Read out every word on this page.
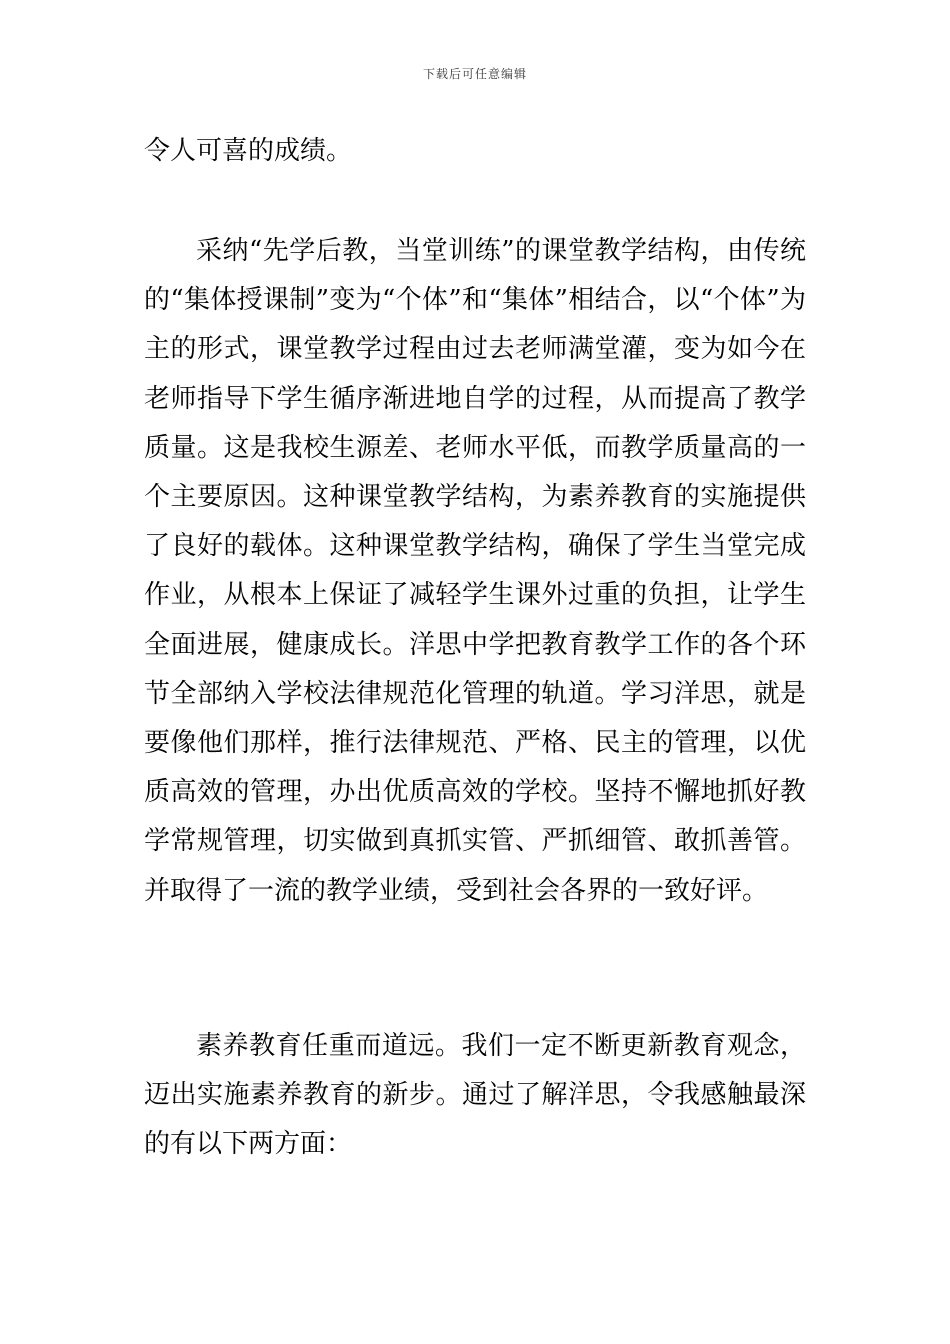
下载后可任意编辑

令人可喜的成绩。

采纳“先学后教，当堂训练”的课堂教学结构，由传统的“集体授课制”变为“个体”和“集体”相结合，以“个体”为主的形式，课堂教学过程由过去老师满堂灌，变为如今在老师指导下学生循序渐进地自学的过程，从而提高了教学质量。这是我校生源差、老师水平低，而教学质量高的一个主要原因。这种课堂教学结构，为素养教育的实施提供了良好的载体。这种课堂教学结构，确保了学生当堂完成作业，从根本上保证了减轻学生课外过重的负担，让学生全面进展，健康成长。洋思中学把教育教学工作的各个环节全部纳入学校法律规范化管理的轨道。学习洋思，就是要像他们那样，推行法律规范、严格、民主的管理，以优质高效的管理，办出优质高效的学校。坚持不懈地抓好教学常规管理，切实做到真抓实管、严抓细管、敢抓善管。并取得了一流的教学业绩，受到社会各界的一致好评。

素养教育任重而道远。我们一定不断更新教育观念，迈出实施素养教育的新步。通过了解洋思，令我感触最深的有以下两方面：
